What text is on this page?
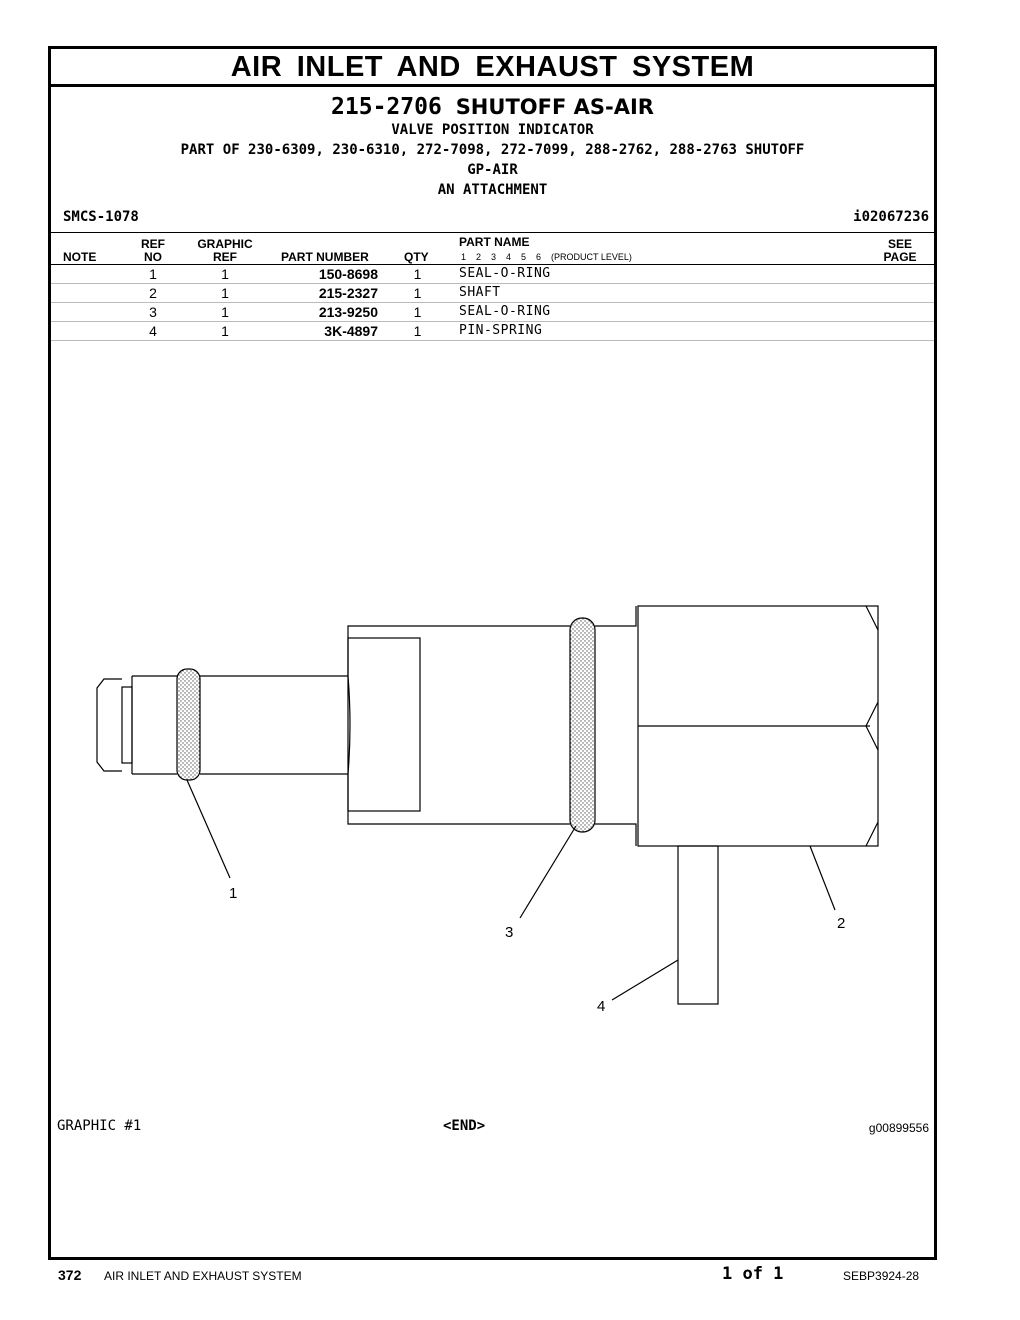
AIR INLET AND EXHAUST SYSTEM
215-2706 SHUTOFF AS-AIR
VALVE POSITION INDICATOR
PART OF 230-6309, 230-6310, 272-7098, 272-7099, 288-2762, 288-2763 SHUTOFF
GP-AIR
AN ATTACHMENT
SMCS-1078	i02067236
NOTE
REF
NO
GRAPHIC
REF	PART NUMBER	QTY
PART NAME
1    2    3    4    5    6    (PRODUCT LEVEL)
SEE
PAGE
1	1	150-8698	1	SEAL-O-RING
2	1	215-2327	1	SHAFT
3	1	213-9250	1	SEAL-O-RING
4	1	3K-4897	1	PIN-SPRING
1
2
3
4
GRAPHIC #1	<END>	g00899556
372 AIR INLET AND EXHAUST SYSTEM	1 of 1	SEBP3924-28
